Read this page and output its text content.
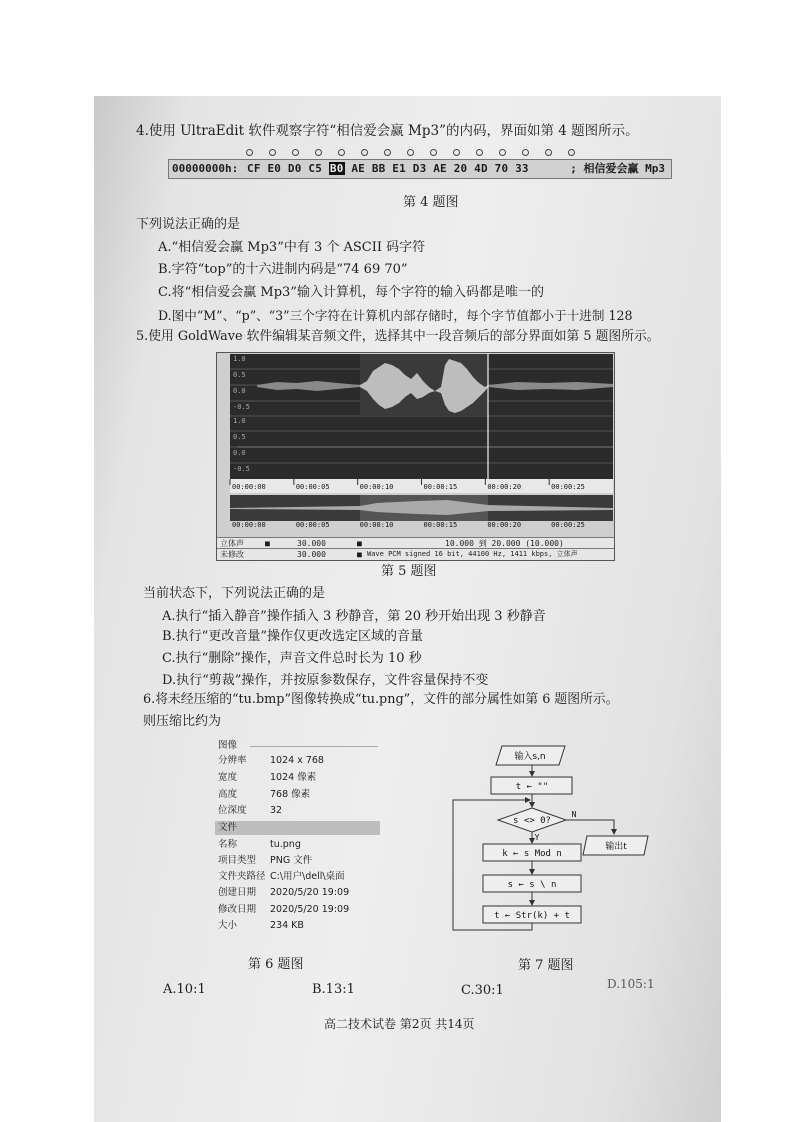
4.使用 UltraEdit 软件观察字符“相信爱会赢 Mp3”的内码，界面如第 4 题图所示。
00000000h: CF E0 D0 C5 B0 AE BB E1 D3 AE 20 4D 70 33	; 相信爱会赢 Mp3
第 4 题图
下列说法正确的是
A.“相信爱会赢 Mp3”中有 3 个 ASCII 码字符
B.字符“top”的十六进制内码是“74 69 70”
C.将“相信爱会赢 Mp3”输入计算机，每个字符的输入码都是唯一的
D.图中“M”、“p”、“3”三个字符在计算机内部存储时，每个字节值都小于十进制 128
5.使用 GoldWave 软件编辑某音频文件，选择其中一段音频后的部分界面如第 5 题图所示。
1.0
0.5
0.0
-0.5
1.0
0.5
0.0
-0.5
00:00:00	00:00:05	00:00:10	00:00:15	00:00:20	00:00:25
00:00:00	00:00:05	00:00:10	00:00:15	00:00:20	00:00:25
立体声	■	30.000	■	10.000 到 20.000 (10.000)
未修改	30.000	■ Wave PCM signed 16 bit, 44100 Hz, 1411 kbps, 立体声
第 5 题图
当前状态下，下列说法正确的是
A.执行“插入静音”操作插入 3 秒静音，第 20 秒开始出现 3 秒静音
B.执行“更改音量”操作仅更改选定区域的音量
C.执行“删除”操作，声音文件总时长为 10 秒
D.执行“剪裁”操作，并按原参数保存，文件容量保持不变
6.将未经压缩的“tu.bmp”图像转换成“tu.png”，文件的部分属性如第 6 题图所示。
则压缩比约为
图像
分辨率 1024 x 768
宽度	1024 像素
高度	768 像素
位深度 32
文件
名称	tu.png
项目类型 PNG 文件
文件夹路径 C:\用户\dell\桌面
创建日期 2020/5/20 19:09
修改日期 2020/5/20 19:09
大小	234 KB
输入s,n
t ← ""
s <> 0?
Y
N
k ← s Mod n
s ← s \ n
t ← Str(k) + t
输出t
第 6 题图	第 7 题图
A.10:1	B.13:1	C.30:1	D.105:1
高二技术试卷 第2页 共14页
